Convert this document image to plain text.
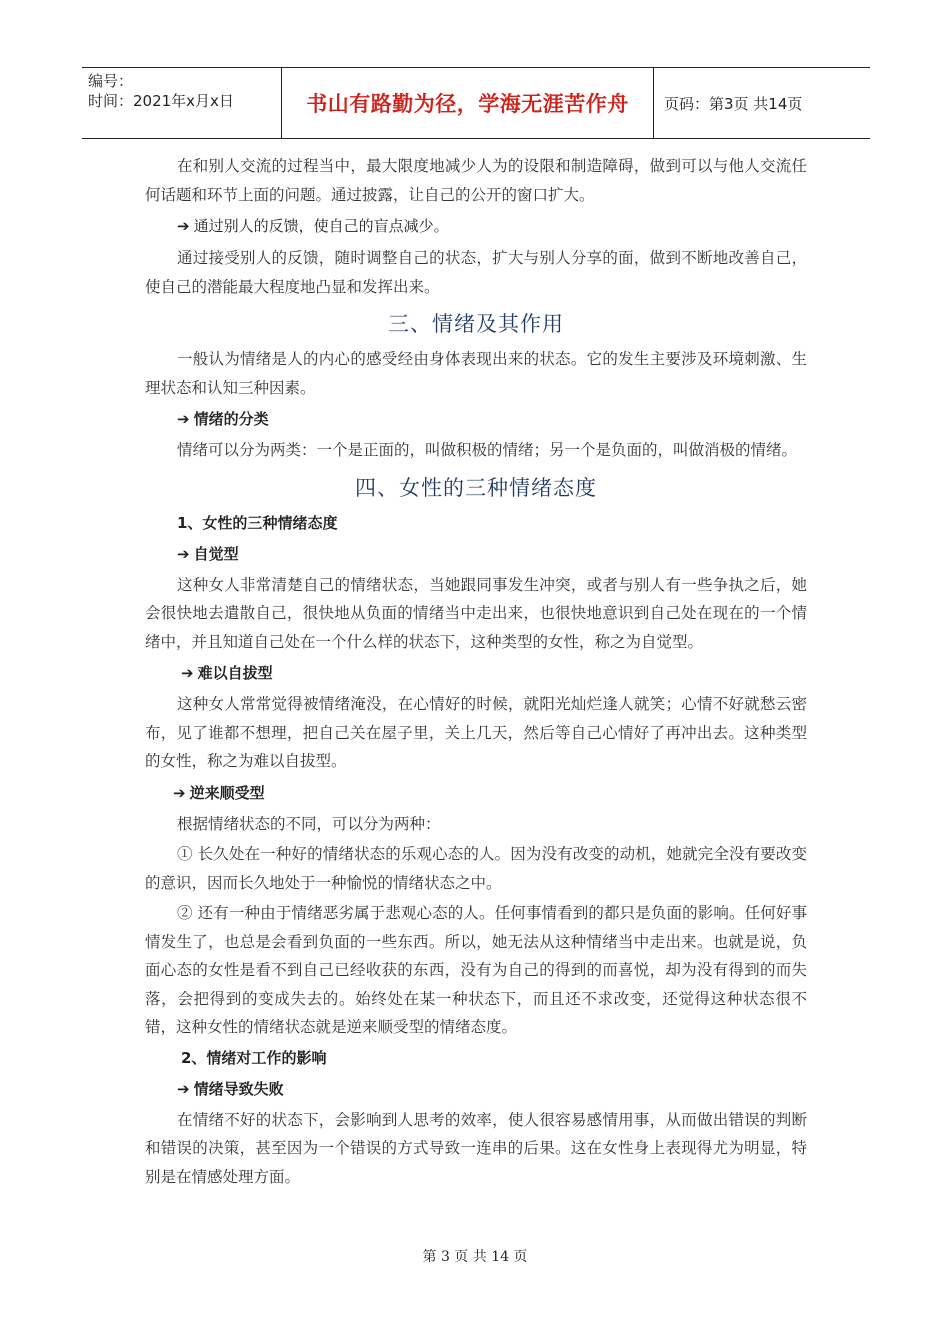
编号：
时间：2021年x月x日	书山有路勤为径，学海无涯苦作舟 页码：第3页 共14页

在和别人交流的过程当中，最大限度地减少人为的设限和制造障碍，做到可以与他人交流任何话题和环节上面的问题。通过披露，让自己的公开的窗口扩大。

➔ 通过别人的反馈，使自己的盲点减少。

通过接受别人的反馈，随时调整自己的状态，扩大与别人分享的面，做到不断地改善自己，使自己的潜能最大程度地凸显和发挥出来。

三、情绪及其作用

一般认为情绪是人的内心的感受经由身体表现出来的状态。它的发生主要涉及环境刺激、生理状态和认知三种因素。

➔ 情绪的分类

情绪可以分为两类：一个是正面的，叫做积极的情绪；另一个是负面的，叫做消极的情绪。

四、女性的三种情绪态度
1、女性的三种情绪态度
➔ 自觉型

这种女人非常清楚自己的情绪状态，当她跟同事发生冲突，或者与别人有一些争执之后，她会很快地去遣散自己，很快地从负面的情绪当中走出来，也很快地意识到自己处在现在的一个情绪中，并且知道自己处在一个什么样的状态下，这种类型的女性，称之为自觉型。

➔ 难以自拔型

这种女人常常觉得被情绪淹没，在心情好的时候，就阳光灿烂逢人就笑；心情不好就愁云密布，见了谁都不想理，把自己关在屋子里，关上几天，然后等自己心情好了再冲出去。这种类型的女性，称之为难以自拔型。

➔ 逆来顺受型

根据情绪状态的不同，可以分为两种：

① 长久处在一种好的情绪状态的乐观心态的人。因为没有改变的动机，她就完全没有要改变的意识，因而长久地处于一种愉悦的情绪状态之中。

② 还有一种由于情绪恶劣属于悲观心态的人。任何事情看到的都只是负面的影响。任何好事情发生了，也总是会看到负面的一些东西。所以，她无法从这种情绪当中走出来。也就是说，负面心态的女性是看不到自己已经收获的东西，没有为自己的得到的而喜悦，却为没有得到的而失落，会把得到的变成失去的。始终处在某一种状态下，而且还不求改变，还觉得这种状态很不错，这种女性的情绪状态就是逆来顺受型的情绪态度。

2、情绪对工作的影响
➔ 情绪导致失败

在情绪不好的状态下，会影响到人思考的效率，使人很容易感情用事，从而做出错误的判断和错误的决策，甚至因为一个错误的方式导致一连串的后果。这在女性身上表现得尤为明显，特别是在情感处理方面。

第 3 页 共 14 页
